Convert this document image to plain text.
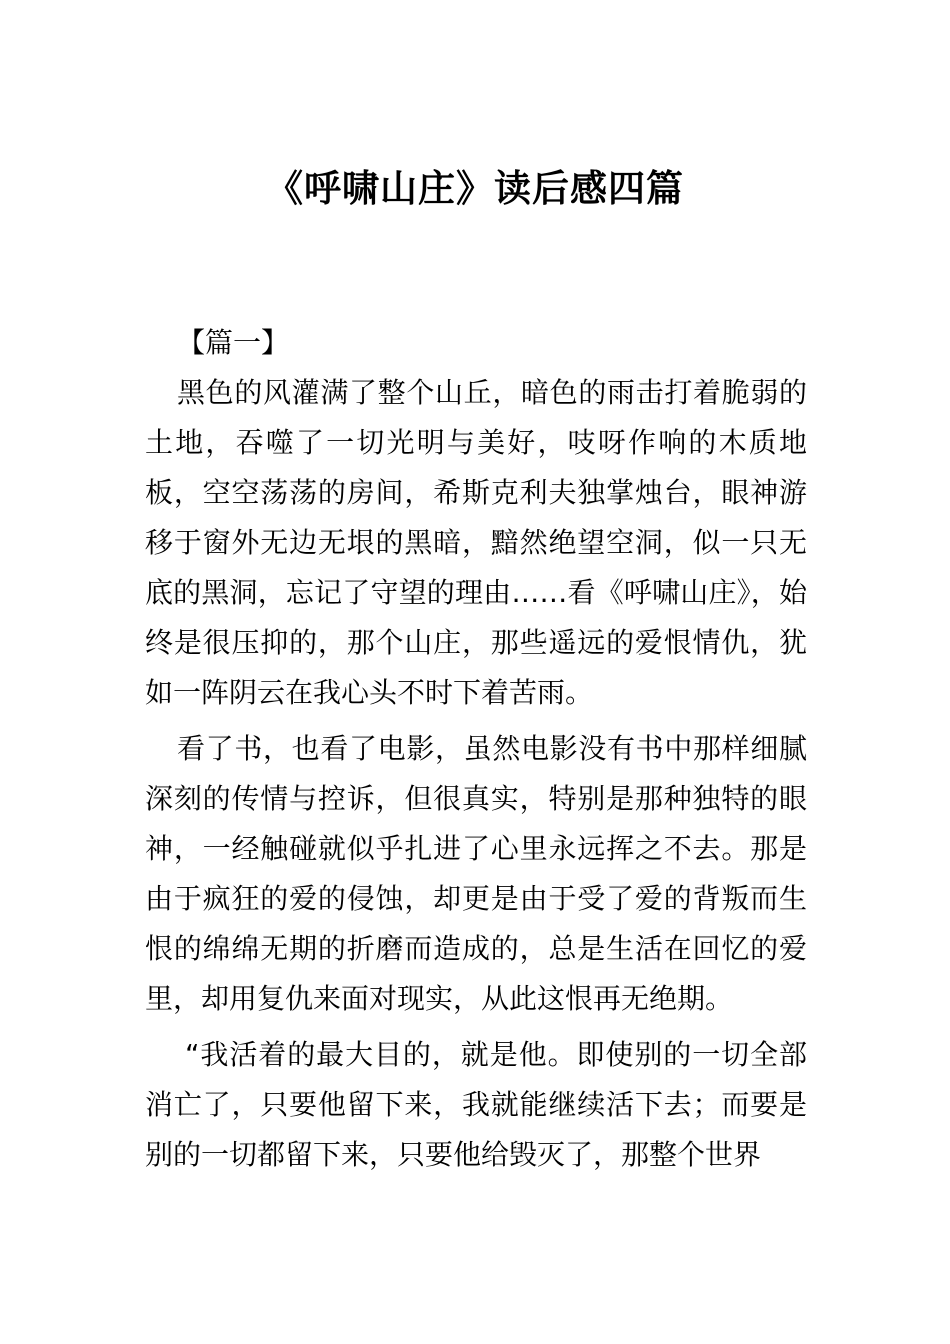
《呼啸山庄》读后感四篇
【篇一】

黑色的风灌满了整个山丘，暗色的雨击打着脆弱的土地，吞噬了一切光明与美好，吱呀作响的木质地板，空空荡荡的房间，希斯克利夫独掌烛台，眼神游移于窗外无边无垠的黑暗，黯然绝望空洞，似一只无底的黑洞，忘记了守望的理由……看《呼啸山庄》，始终是很压抑的，那个山庄，那些遥远的爱恨情仇，犹如一阵阴云在我心头不时下着苦雨。

看了书，也看了电影，虽然电影没有书中那样细腻深刻的传情与控诉，但很真实，特别是那种独特的眼神，一经触碰就似乎扎进了心里永远挥之不去。那是由于疯狂的爱的侵蚀，却更是由于受了爱的背叛而生恨的绵绵无期的折磨而造成的，总是生活在回忆的爱里，却用复仇来面对现实，从此这恨再无绝期。

“我活着的最大目的，就是他。即使别的一切全部消亡了，只要他留下来，我就能继续活下去；而要是别的一切都留下来，只要他给毁灭了，那整个世界
